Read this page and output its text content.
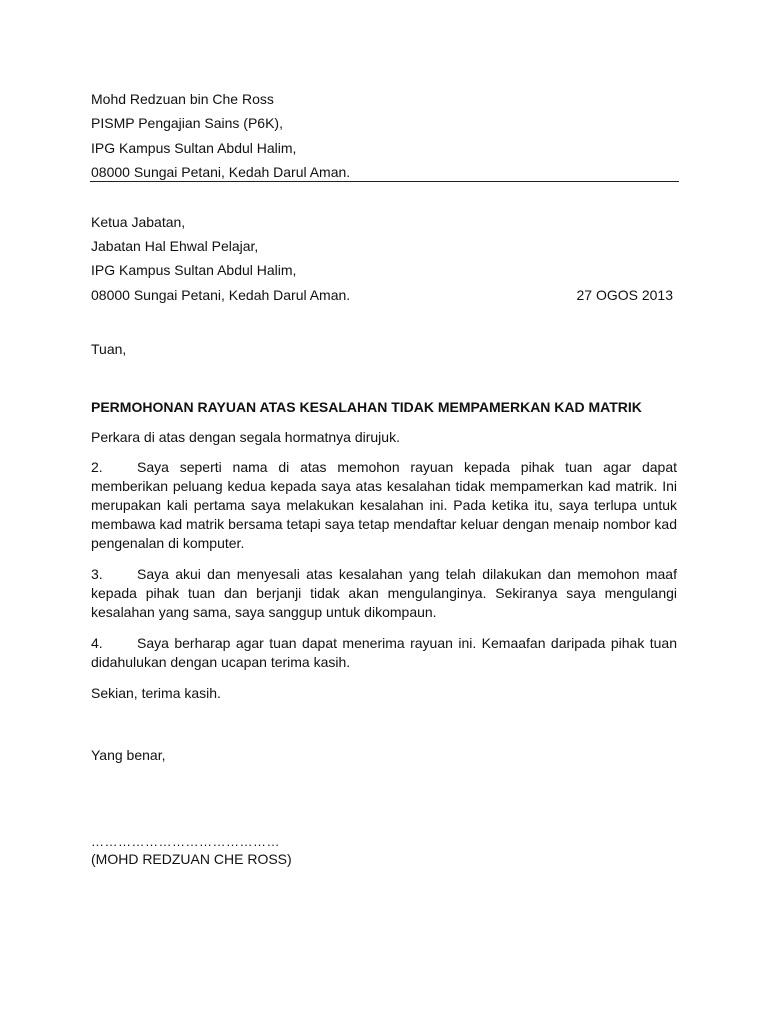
Mohd Redzuan bin Che Ross
PISMP Pengajian Sains (P6K),
IPG Kampus Sultan Abdul Halim,
08000 Sungai Petani, Kedah Darul Aman.
Ketua Jabatan,
Jabatan Hal Ehwal Pelajar,
IPG Kampus Sultan Abdul Halim,
08000 Sungai Petani, Kedah Darul Aman.	27 OGOS 2013
Tuan,
PERMOHONAN RAYUAN ATAS KESALAHAN TIDAK MEMPAMERKAN KAD MATRIK
Perkara di atas dengan segala hormatnya dirujuk.
2. Saya seperti nama di atas memohon rayuan kepada pihak tuan agar dapat memberikan peluang kedua kepada saya atas kesalahan tidak mempamerkan kad matrik. Ini merupakan kali pertama saya melakukan kesalahan ini. Pada ketika itu, saya terlupa untuk membawa kad matrik bersama tetapi saya tetap mendaftar keluar dengan menaip nombor kad pengenalan di komputer.
3. Saya akui dan menyesali atas kesalahan yang telah dilakukan dan memohon maaf kepada pihak tuan dan berjanji tidak akan mengulanginya. Sekiranya saya mengulangi kesalahan yang sama, saya sanggup untuk dikompaun.
4. Saya berharap agar tuan dapat menerima rayuan ini. Kemaafan daripada pihak tuan didahulukan dengan ucapan terima kasih.
Sekian, terima kasih.
Yang benar,
……………………………………
(MOHD REDZUAN CHE ROSS)
